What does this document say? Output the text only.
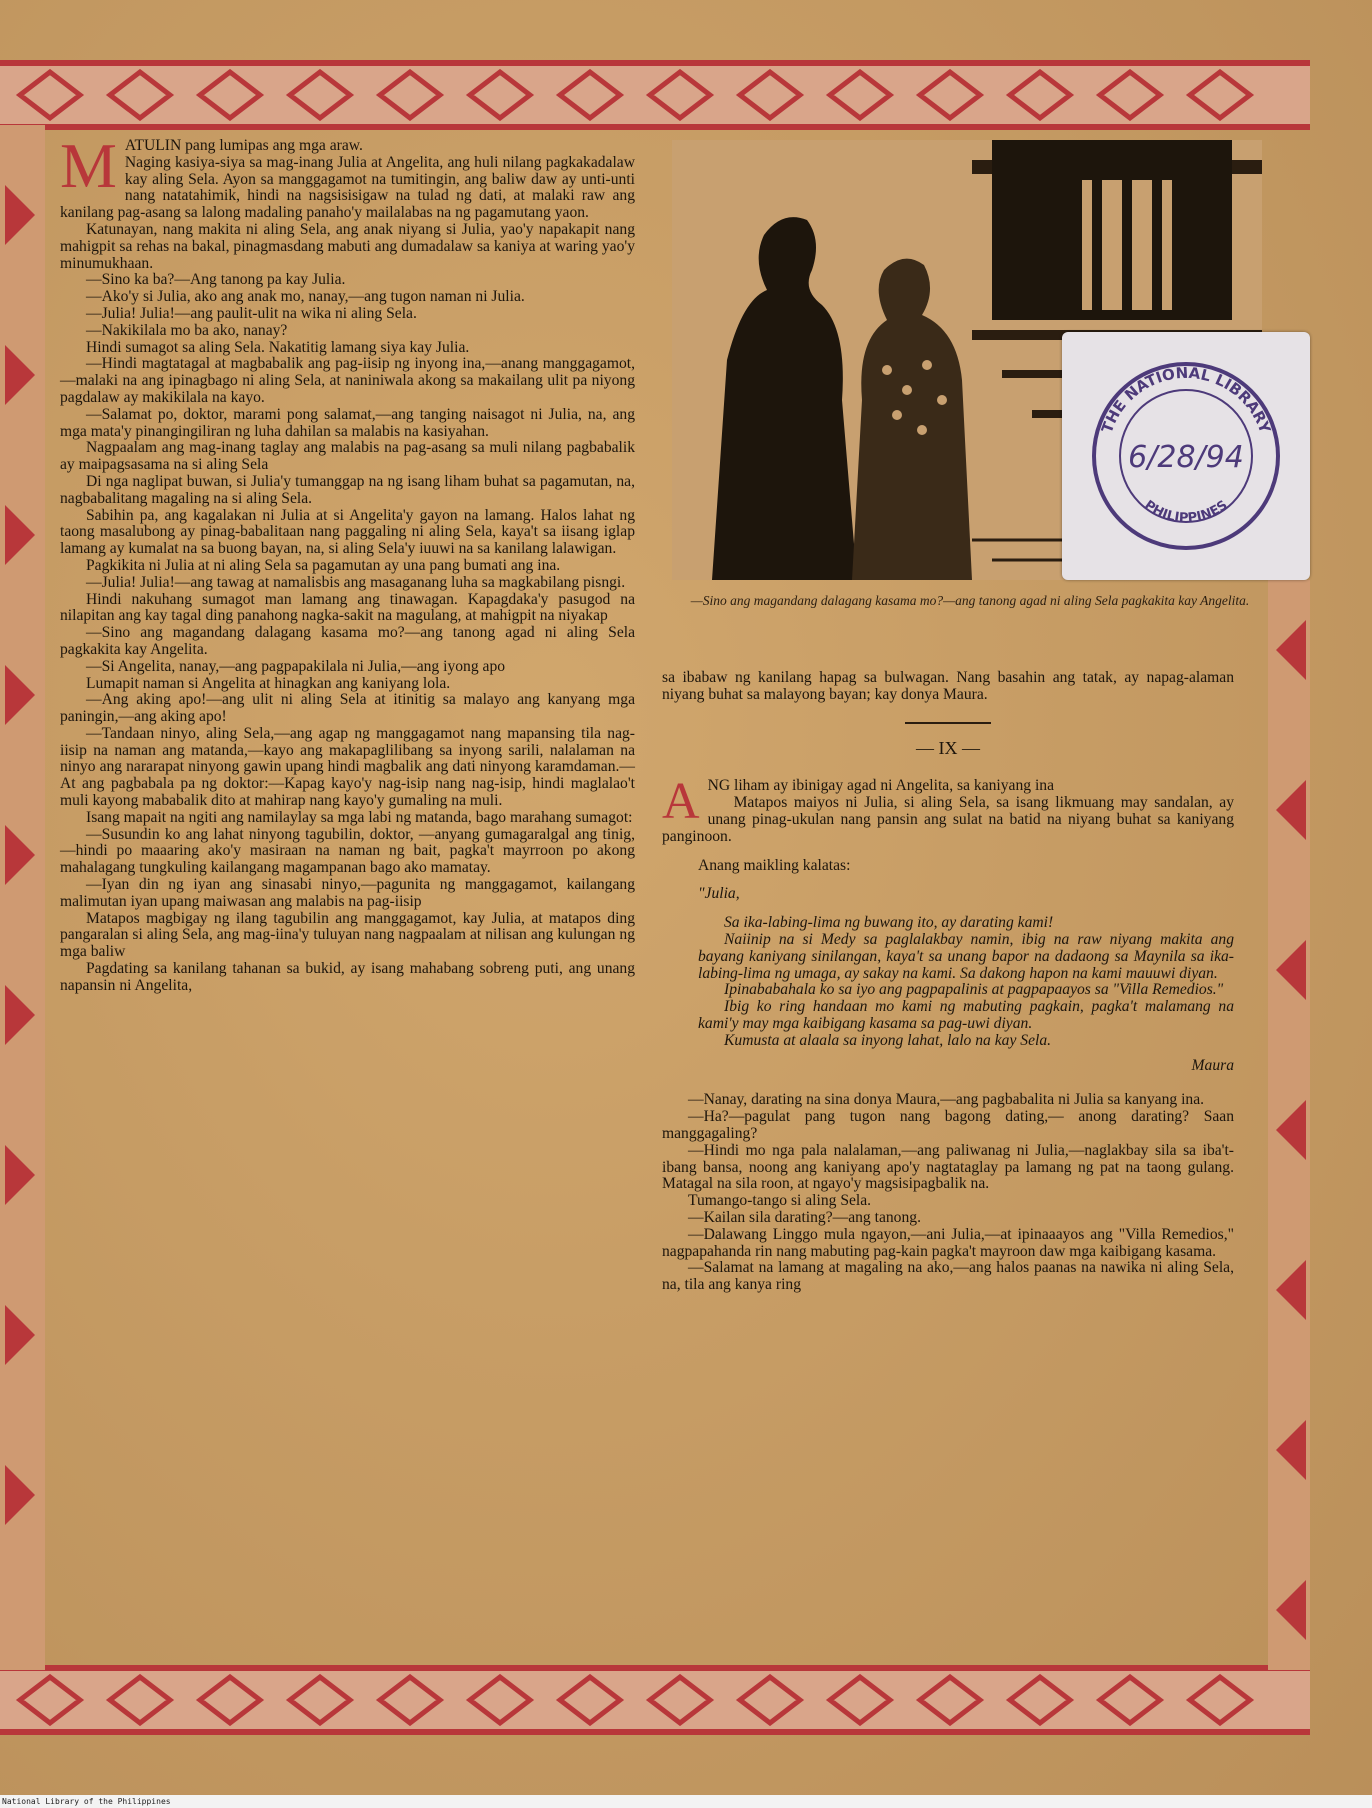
M ATULIN pang lumipas ang mga araw.

Naging kasiya-siya sa mag-inang Julia at Angelita, ang huli nilang pagkakadalaw kay aling Sela. Ayon sa manggagamot na tumitingin, ang baliw daw ay unti-unti nang natatahimik, hindi na nagsisisigaw na tulad ng dati, at malaki raw ang kanilang pag-asang sa lalong madaling panaho'y mailalabas na ng pagamutang yaon.

Katunayan, nang makita ni aling Sela, ang anak niyang si Julia, yao'y napakapit nang mahigpit sa rehas na bakal, pinagmasdang mabuti ang dumadalaw sa kaniya at waring yao'y minumukhaan.

—Sino ka ba?—Ang tanong pa kay Julia.

—Ako'y si Julia, ako ang anak mo, nanay,—ang tugon naman ni Julia.

—Julia! Julia!—ang paulit-ulit na wika ni aling Sela.

—Nakikilala mo ba ako, nanay?

Hindi sumagot sa aling Sela. Nakatitig lamang siya kay Julia.

—Hindi magtatagal at magbabalik ang pag-iisip ng inyong ina,—anang manggagamot,—malaki na ang ipinagbago ni aling Sela, at naniniwala akong sa makailang ulit pa niyong pagdalaw ay makikilala na kayo.

—Salamat po, doktor, marami pong salamat,—ang tanging naisagot ni Julia, na, ang mga mata'y pinangingiliran ng luha dahilan sa malabis na kasiyahan.

Nagpaalam ang mag-inang taglay ang malabis na pag-asang sa muli nilang pagbabalik ay maipagsasama na si aling Sela

Di nga naglipat buwan, si Julia'y tumanggap na ng isang liham buhat sa pagamutan, na, nagbabalitang magaling na si aling Sela.

Sabihin pa, ang kagalakan ni Julia at si Angelita'y gayon na lamang. Halos lahat ng taong masalubong ay pinag-babalitaan nang paggaling ni aling Sela, kaya't sa iisang iglap lamang ay kumalat na sa buong bayan, na, si aling Sela'y iuuwi na sa kanilang lalawigan.

Pagkikita ni Julia at ni aling Sela sa pagamutan ay una pang bumati ang ina.

—Julia! Julia!—ang tawag at namalisbis ang masaganang luha sa magkabilang pisngi.

Hindi nakuhang sumagot man lamang ang tinawagan. Kapagdaka'y pasugod na nilapitan ang kay tagal ding panahong nagka-sakit na magulang, at mahigpit na niyakap

—Sino ang magandang dalagang kasama mo?—ang tanong agad ni aling Sela pagkakita kay Angelita.

—Si Angelita, nanay,—ang pagpapakilala ni Julia,—ang iyong apo

Lumapit naman si Angelita at hinagkan ang kaniyang lola.

—Ang aking apo!—ang ulit ni aling Sela at itinitig sa malayo ang kanyang mga paningin,—ang aking apo!

—Tandaan ninyo, aling Sela,—ang agap ng manggagamot nang mapansing tila nag-iisip na naman ang matanda,—kayo ang makapaglilibang sa inyong sarili, nalalaman na ninyo ang nararapat ninyong gawin upang hindi magbalik ang dati ninyong karamdaman.—At ang pagbabala pa ng doktor:—Kapag kayo'y nag-isip nang nag-isip, hindi maglalao't muli kayong mababalik dito at mahirap nang kayo'y gumaling na muli.

Isang mapait na ngiti ang namilaylay sa mga labi ng matanda, bago marahang sumagot:

—Susundin ko ang lahat ninyong tagubilin, doktor, —anyang gumagaralgal ang tinig,—hindi po maaaring ako'y masiraan na naman ng bait, pagka't mayrroon po akong mahalagang tungkuling kailangang magampanan bago ako mamatay.

—Iyan din ng iyan ang sinasabi ninyo,—pagunita ng manggagamot, kailangang malimutan iyan upang maiwasan ang malabis na pag-iisip

Matapos magbigay ng ilang tagubilin ang manggagamot, kay Julia, at matapos ding pangaralan si aling Sela, ang mag-iina'y tuluyan nang nagpaalam at nilisan ang kulungan ng mga baliw

Pagdating sa kanilang tahanan sa bukid, ay isang mahabang sobreng puti, ang unang napansin ni Angelita,

—Sino ang magandang dalagang kasama mo?—ang tanong agad ni aling Sela pagkakita kay Angelita.
THE NATIONAL LIBRARY
PHILIPPINES
6/28/94

sa ibabaw ng kanilang hapag sa bulwagan. Nang basahin ang tatak, ay napag-alaman niyang buhat sa malayong bayan; kay donya Maura.

— IX —
A NG liham ay ibinigay agad ni Angelita, sa kaniyang ina

Matapos maiyos ni Julia, si aling Sela, sa isang likmuang may sandalan, ay unang pinag-ukulan nang pansin ang sulat na batid na niyang buhat sa kaniyang panginoon.

Anang maikling kalatas:

"Julia,

Sa ika-labing-lima ng buwang ito, ay darating kami!

Naiinip na si Medy sa paglalakbay namin, ibig na raw niyang makita ang bayang kaniyang sinilangan, kaya't sa unang bapor na dadaong sa Maynila sa ika-labing-lima ng umaga, ay sakay na kami. Sa dakong hapon na kami mauuwi diyan.

Ipinababahala ko sa iyo ang pagpapalinis at pagpapaayos sa "Villa Remedios."

Ibig ko ring handaan mo kami ng mabuting pagkain, pagka't malamang na kami'y may mga kaibigang kasama sa pag-uwi diyan.

Kumusta at alaala sa inyong lahat, lalo na kay Sela.

Maura

—Nanay, darating na sina donya Maura,—ang pagbabalita ni Julia sa kanyang ina.

—Ha?—pagulat pang tugon nang bagong dating,— anong darating? Saan manggagaling?

—Hindi mo nga pala nalalaman,—ang paliwanag ni Julia,—naglakbay sila sa iba't-ibang bansa, noong ang kaniyang apo'y nagtataglay pa lamang ng pat na taong gulang. Matagal na sila roon, at ngayo'y magsisipagbalik na.

Tumango-tango si aling Sela.

—Kailan sila darating?—ang tanong.

—Dalawang Linggo mula ngayon,—ani Julia,—at ipinaaayos ang "Villa Remedios," nagpapahanda rin nang mabuting pag-kain pagka't mayroon daw mga kaibigang kasama.

—Salamat na lamang at magaling na ako,—ang halos paanas na nawika ni aling Sela, na, tila ang kanya ring

National Library of the Philippines
